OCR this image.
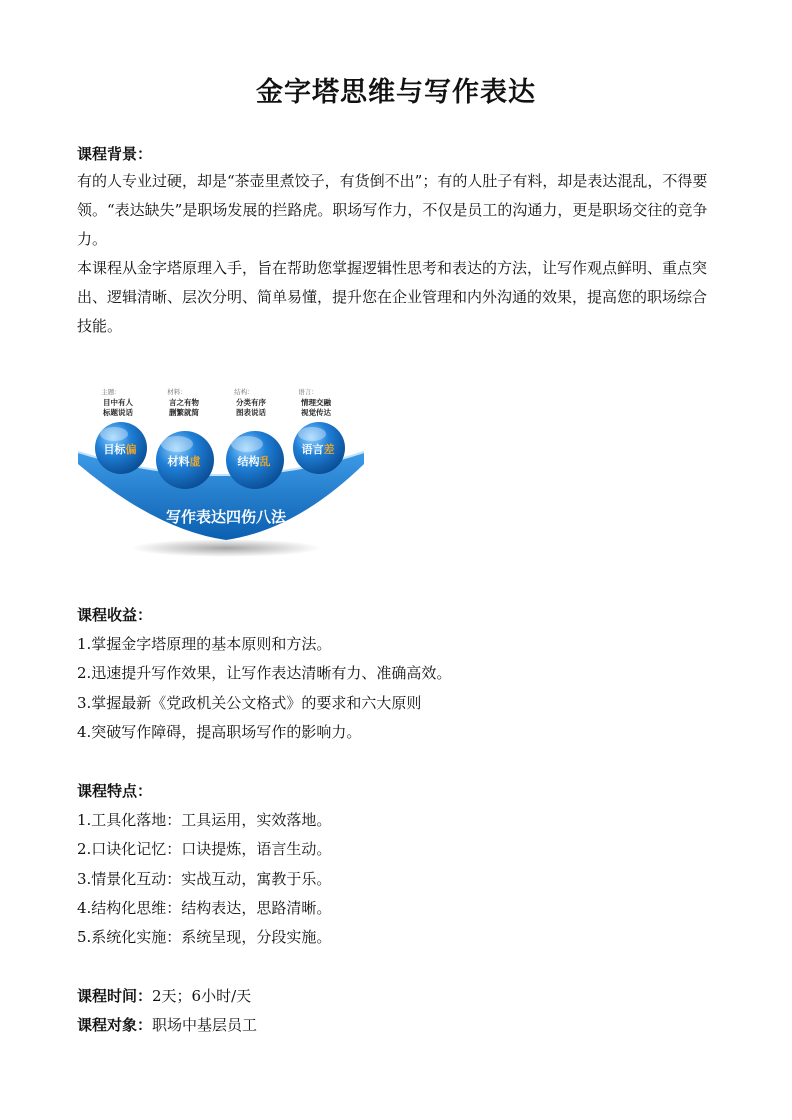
金字塔思维与写作表达
课程背景：

有的人专业过硬，却是“茶壶里煮饺子，有货倒不出”；有的人肚子有料，却是表达混乱，不得要领。“表达缺失”是职场发展的拦路虎。职场写作力，不仅是员工的沟通力，更是职场交往的竞争力。

本课程从金字塔原理入手，旨在帮助您掌握逻辑性思考和表达的方法，让写作观点鲜明、重点突出、逻辑清晰、层次分明、简单易懂，提升您在企业管理和内外沟通的效果，提高您的职场综合技能。

主题：	材料：	结构：	语言：
目中有人
标题说话
言之有物
删繁就简
分类有序
图表说话
情理交融
视觉传达
目标偏
材料虚	结构乱
语言差
写作表达四伤八法
课程收益：
1.掌握金字塔原理的基本原则和方法。
2.迅速提升写作效果，让写作表达清晰有力、准确高效。
3.掌握最新《党政机关公文格式》的要求和六大原则
4.突破写作障碍，提高职场写作的影响力。
课程特点：
1.工具化落地：工具运用，实效落地。
2.口诀化记忆：口诀提炼，语言生动。
3.情景化互动：实战互动，寓教于乐。
4.结构化思维：结构表达，思路清晰。
5.系统化实施：系统呈现，分段实施。
课程时间：2天；6小时/天
课程对象：职场中基层员工
